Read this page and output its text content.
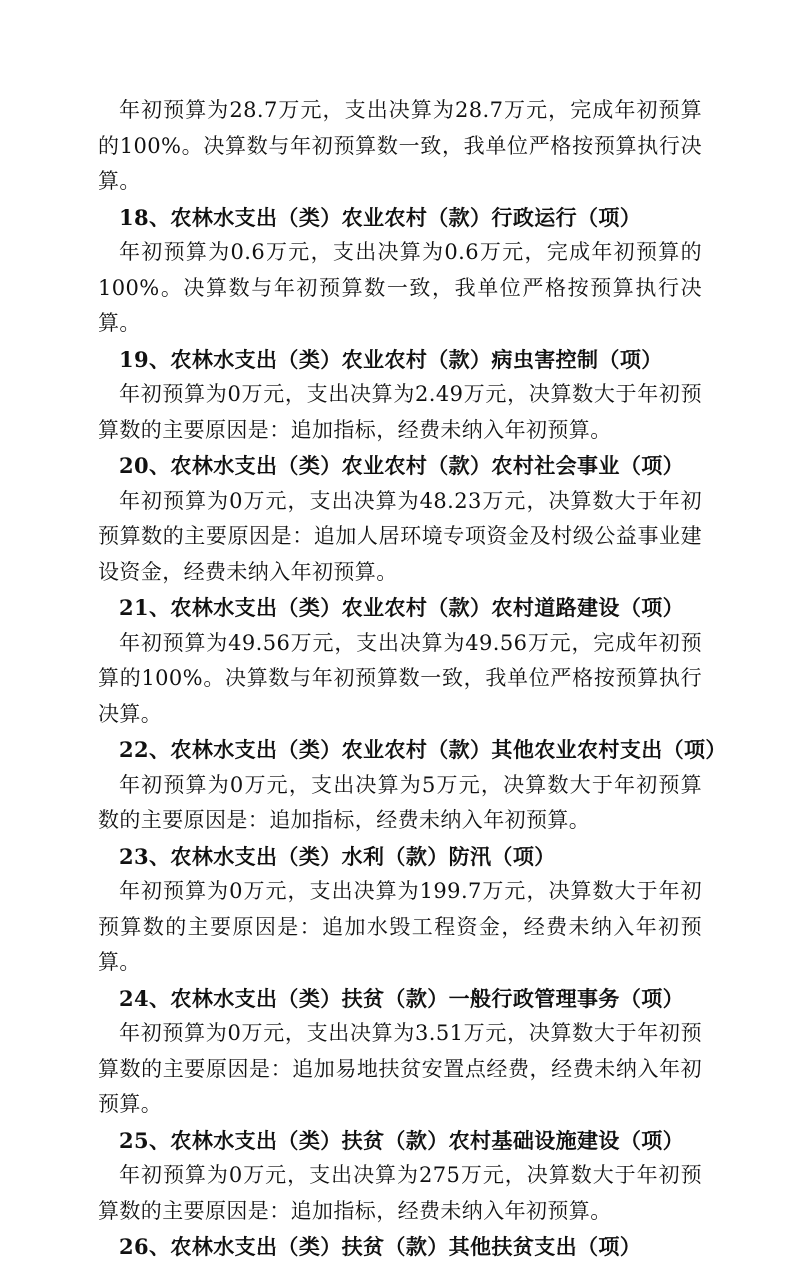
年初预算为28.7万元，支出决算为28.7万元，完成年初预算的100%。决算数与年初预算数一致，我单位严格按预算执行决算。

18、农林水支出（类）农业农村（款）行政运行（项）

年初预算为0.6万元，支出决算为0.6万元，完成年初预算的100%。决算数与年初预算数一致，我单位严格按预算执行决算。

19、农林水支出（类）农业农村（款）病虫害控制（项）

年初预算为0万元，支出决算为2.49万元，决算数大于年初预算数的主要原因是：追加指标，经费未纳入年初预算。

20、农林水支出（类）农业农村（款）农村社会事业（项）

年初预算为0万元，支出决算为48.23万元，决算数大于年初预算数的主要原因是：追加人居环境专项资金及村级公益事业建设资金，经费未纳入年初预算。

21、农林水支出（类）农业农村（款）农村道路建设（项）

年初预算为49.56万元，支出决算为49.56万元，完成年初预算的100%。决算数与年初预算数一致，我单位严格按预算执行决算。

22、农林水支出（类）农业农村（款）其他农业农村支出（项）

年初预算为0万元，支出决算为5万元，决算数大于年初预算数的主要原因是：追加指标，经费未纳入年初预算。

23、农林水支出（类）水利（款）防汛（项）

年初预算为0万元，支出决算为199.7万元，决算数大于年初预算数的主要原因是：追加水毁工程资金，经费未纳入年初预算。

24、农林水支出（类）扶贫（款）一般行政管理事务（项）

年初预算为0万元，支出决算为3.51万元，决算数大于年初预算数的主要原因是：追加易地扶贫安置点经费，经费未纳入年初预算。

25、农林水支出（类）扶贫（款）农村基础设施建设（项）

年初预算为0万元，支出决算为275万元，决算数大于年初预算数的主要原因是：追加指标，经费未纳入年初预算。

26、农林水支出（类）扶贫（款）其他扶贫支出（项）
